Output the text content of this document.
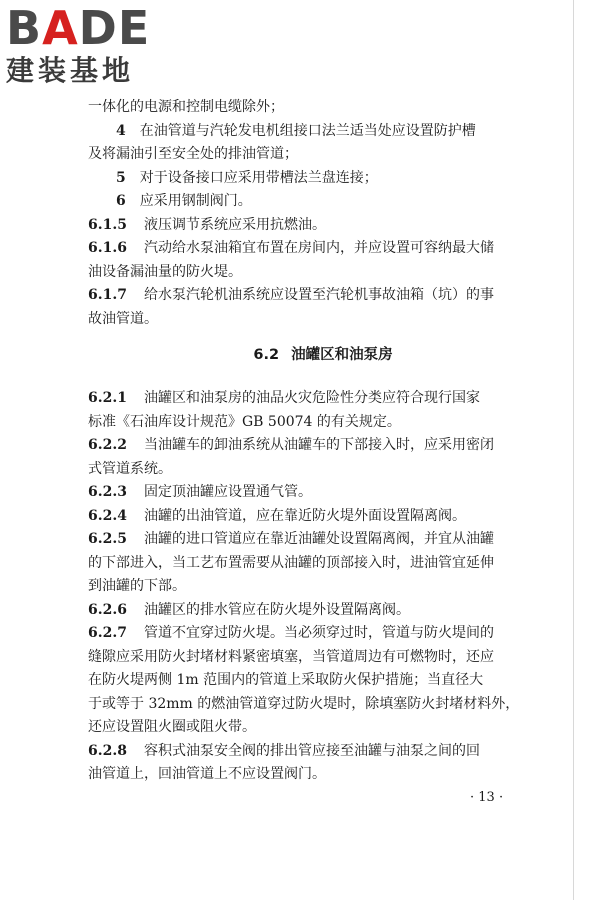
BADE
建装基地
一体化的电源和控制电缆除外；
4　 在油管道与汽轮发电机组接口法兰适当处应设置防护槽
及将漏油引至安全处的排油管道；
5　 对于设备接口应采用带槽法兰盘连接；
6　 应采用钢制阀门。
6.1.5 液压调节系统应采用抗燃油。
6.1.6 汽动给水泵油箱宜布置在房间内，并应设置可容纳最大储
油设备漏油量的防火堤。
6.1.7 给水泵汽轮机油系统应设置至汽轮机事故油箱（坑）的事
故油管道。
6.2 油罐区和油泵房
6.2.1 油罐区和油泵房的油品火灾危险性分类应符合现行国家
标准《石油库设计规范》GB 50074 的有关规定。
6.2.2 当油罐车的卸油系统从油罐车的下部接入时，应采用密闭
式管道系统。
6.2.3 固定顶油罐应设置通气管。
6.2.4 油罐的出油管道，应在靠近防火堤外面设置隔离阀。
6.2.5 油罐的进口管道应在靠近油罐处设置隔离阀，并宜从油罐
的下部进入，当工艺布置需要从油罐的顶部接入时，进油管宜延伸
到油罐的下部。
6.2.6 油罐区的排水管应在防火堤外设置隔离阀。
6.2.7 管道不宜穿过防火堤。当必须穿过时，管道与防火堤间的
缝隙应采用防火封堵材料紧密填塞，当管道周边有可燃物时，还应
在防火堤两侧 1m 范围内的管道上采取防火保护措施；当直径大
于或等于 32mm 的燃油管道穿过防火堤时，除填塞防火封堵材料外，
还应设置阻火圈或阻火带。
6.2.8 容积式油泵安全阀的排出管应接至油罐与油泵之间的回
油管道上，回油管道上不应设置阀门。
· 13 ·
